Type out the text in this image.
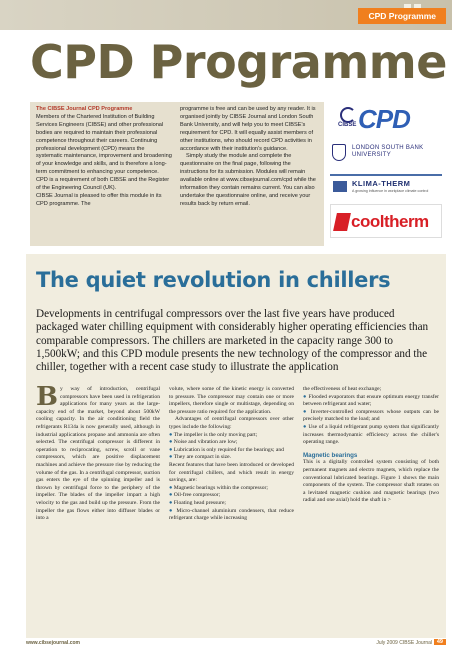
CPD Programme
CPD Programme

The CIBSE Journal CPD Programme
Members of the Chartered Institution of Building Services Engineers (CIBSE) and other professional bodies are required to maintain their professional competence throughout their careers. Continuing professional development (CPD) means the systematic maintenance, improvement and broadening of your knowledge and skills, and is therefore a long-term commitment to enhancing your competence. CPD is a requirement of both CIBSE and the Register of the Engineering Council (UK).

CIBSE Journal is pleased to offer this module in its CPD programme. The

programme is free and can be used by any reader. It is organised jointly by CIBSE Journal and London South Bank University, and will help you to meet CIBSE's requirement for CPD. It will equally assist members of other institutions, who should record CPD activities in accordance with their institution's guidance.

Simply study the module and complete the questionnaire on the final page, following the instructions for its submission. Modules will remain available online at www.cibsejournal.com/cpd while the information they contain remains current. You can also undertake the questionnaire online, and receive your results back by return email.

CIBSE CPD
LONDON SOUTH BANK
UNIVERSITY
KLIMA-THERM
A growing influence in workplace climate control
cooltherm
The quiet revolution in chillers
Developments in centrifugal compressors over the last five years have produced packaged water chilling equipment with considerably higher operating efficiencies than comparable compressors. The chillers are marketed in the capacity range 300 to 1,500kW; and this CPD module presents the new technology of the compressor and the chiller, together with a recent case study to illustrate the application
By way of introduction, centrifugal compressors have been used in refrigeration applications for many years as the large-capacity end of the market, beyond about 500kW cooling capacity. In the air conditioning field the refrigerants R134a is now generally used, although in industrial applications propane and ammonia are often selected. The centrifugal compressor is different in operation to reciprocating, screw, scroll or vane compressors, which are positive displacement machines and achieve the pressure rise by reducing the volume of the gas. In a centrifugal compressor, suction gas enters the eye of the spinning impeller and is thrown by centrifugal force to the periphery of the impeller. The blades of the impeller impart a high velocity to the gas and build up the pressure. From the impeller the gas flows either into diffuser blades or into a

volute, where some of the kinetic energy is converted to pressure. The compressor may contain one or more impellers, therefore single or multistage, depending on the pressure ratio required for the application.

Advantages of centrifugal compressors over other types include the following:

● The impeller is the only moving part;

● Noise and vibration are low;

● Lubrication is only required for the bearings; and

● They are compact in size.

Recent features that have been introduced or developed for centrifugal chillers, and which result in energy savings, are:

● Magnetic bearings within the compressor;

● Oil-free compressor;

● Floating head pressure;

● Micro-channel aluminium condensers, that reduce refrigerant charge while increasing

the effectiveness of heat exchange;

● Flooded evaporators that ensure optimum energy transfer between refrigerant and water;

● Inverter-controlled compressors whose outputs can be precisely matched to the load; and

● Use of a liquid refrigerant pump system that significantly increases thermodynamic efficiency across the chiller's operating range.

Magnetic bearings

This is a digitally controlled system consisting of both permanent magnets and electro magnets, which replace the conventional lubricated bearings. Figure 1 shows the main components of the system. The compressor shaft rotates on a levitated magnetic cushion and magnetic bearings (two radial and one axial) hold the shaft in >

www.cibsejournal.com	July 2009 CIBSE Journal 49
